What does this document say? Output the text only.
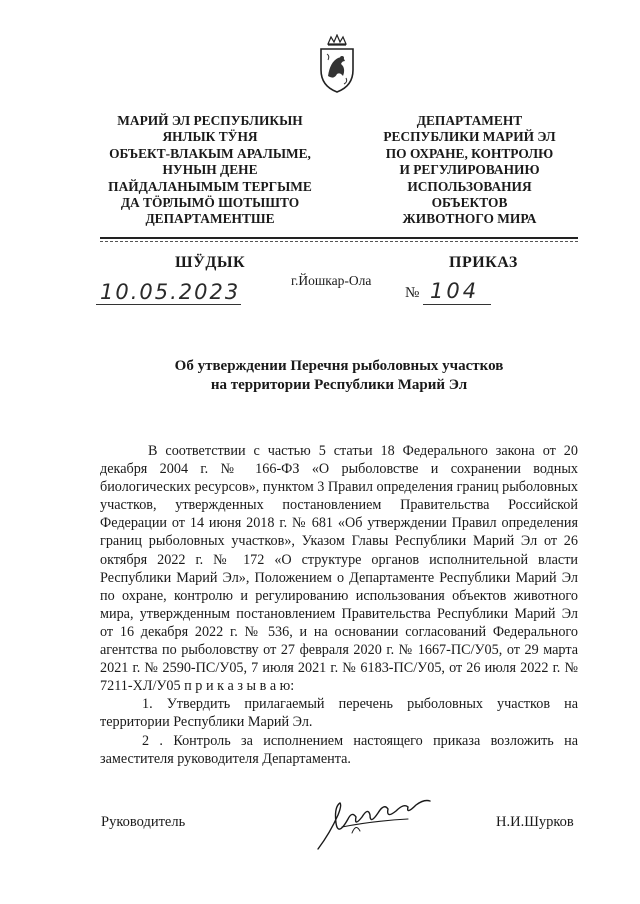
МАРИЙ ЭЛ РЕСПУБЛИКЫН
ЯНЛЫК ТӰНЯ
ОБЪЕКТ-ВЛАКЫМ АРАЛЫМЕ,
НУНЫН ДЕНЕ
ПАЙДАЛАНЫМЫМ ТЕРГЫМЕ
ДА ТӦРЛЫМӦ ШОТЫШТО
ДЕПАРТАМЕНТШЕ
ДЕПАРТАМЕНТ
РЕСПУБЛИКИ МАРИЙ ЭЛ
ПО ОХРАНЕ, КОНТРОЛЮ
И РЕГУЛИРОВАНИЮ
ИСПОЛЬЗОВАНИЯ
ОБЪЕКТОВ
ЖИВОТНОГО МИРА
ШӰДЫК	ПРИКАЗ
г.Йошкар-Ола
10.05.2023	№ 104
Об утверждении Перечня рыболовных участков
на территории Республики Марий Эл

В соответствии с частью 5 статьи 18 Федерального закона от 20 декабря 2004 г. № 166-ФЗ «О рыболовстве и сохранении водных биологических ресурсов», пунктом 3 Правил определения границ рыболовных участков, утвержденных постановлением Правительства Российской Федерации от 14 июня 2018 г. № 681 «Об утверждении Правил определения границ рыболовных участков», Указом Главы Республики Марий Эл от 26 октября 2022 г. № 172 «О структуре органов исполнительной власти Республики Марий Эл», Положением о Департаменте Республики Марий Эл по охране, контролю и регулированию использования объектов животного мира, утвержденным постановлением Правительства Республики Марий Эл от 16 декабря 2022 г. № 536, и на основании согласований Федерального агентства по рыболовству от 27 февраля 2020 г. № 1667-ПС/У05, от 29 марта 2021 г. № 2590-ПС/У05, 7 июля 2021 г. № 6183-ПС/У05, от 26 июля 2022 г. № 7211-ХЛ/У05 п р и к а з ы в а ю:

1. Утвердить прилагаемый перечень рыболовных участков на территории Республики Марий Эл.

2 . Контроль за исполнением настоящего приказа возложить на заместителя руководителя Департамента.

Руководитель	Н.И.Шурков
